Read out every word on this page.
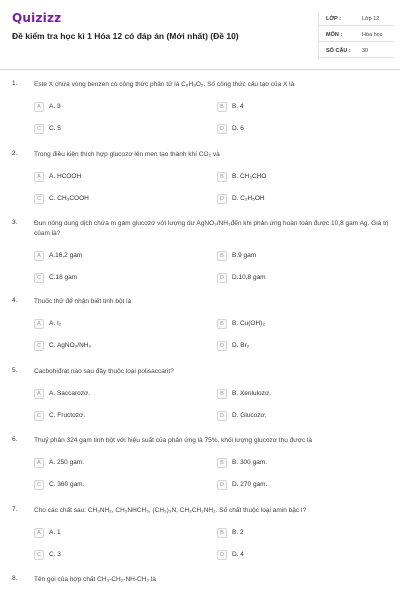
Quizizz
Đề kiểm tra học kì 1 Hóa 12 có đáp án (Mới nhất) (Đề 10)
LỚP :	Lớp 12
MÔN :	Hóa học
SỐ CÂU : 30
1.	Este X chứa vòng benzen có công thức phân tử là C₈H₈O₂. Số công thức cấu tạo của X là
A	A. 3	B	B. 4
C	C. 5	D	D. 6
2.	Trong điều kiện thích hợp glucozơ lên men tạo thành khí CO₂ và
A	A. HCOOH	B	B. CH₃CHO
C	C. CH₃COOH	D	D. C₂H₅OH
3.	Đun nóng dung dịch chứa m gam glucozơ với lượng dư AgNO₃/NH₃đến khi phản ứng hoàn toàn được 10,8 gam Ag. Giá trị củam là?
A	A.16,2 gam	B	B.9 gam
C	C.18 gam	D	D.10,8 gam
4.	Thuốc thử để nhận biết tinh bột là
A	A. I₂	B	B. Cu(OH)₂
C	C. AgNO₃/NH₃	D	D. Br₂
5.	Cacbohiđrat nào sau đây thuộc loại polisaccarit?
A	A. Saccarozơ.	B	B. Xenlulozơ.
C	C. Fructozơ.	D	D. Glucozơ.
6.	Thuỷ phân 324 gam tinh bột với hiệu suất của phản ứng là 75%, khối lượng glucozơ thu được là
A	A. 250 gam.	B	B. 300 gam.
C	C. 360 gam.	D	D. 270 gam.
7.	Cho các chất sau: CH₃NH₂, CH₃NHCH₃, (CH₃)₃N, CH₃CH₂NH₂. Số chất thuộc loại amin bậc I?
A	A. 1	B	B. 2
C	C. 3	D	D. 4
8.	Tên gọi của hợp chất CH₃-CH₂-NH-CH₃ là
